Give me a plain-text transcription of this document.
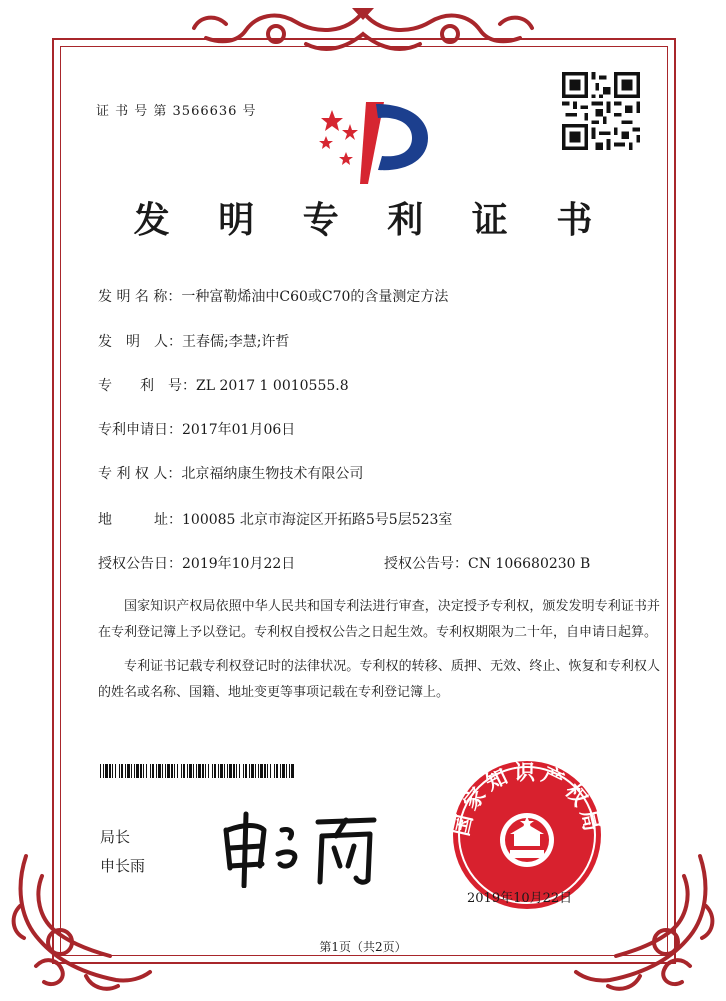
证 书 号 第 3566636 号
发 明 专 利 证 书
发 明 名 称：一种富勒烯油中C60或C70的含量测定方法
发　明　人：王春儒;李慧;许哲
专　　利　号：ZL 2017 1 0010555.8
专利申请日：2017年01月06日
专 利 权 人：北京福纳康生物技术有限公司
地　　　址：100085 北京市海淀区开拓路5号5层523室
授权公告日：2019年10月22日	授权公告号：CN 106680230 B
国家知识产权局依照中华人民共和国专利法进行审查，决定授予专利权，颁发发明专利证书并在专利登记簿上予以登记。专利权自授权公告之日起生效。专利权期限为二十年，自申请日起算。
专利证书记载专利权登记时的法律状况。专利权的转移、质押、无效、终止、恢复和专利权人的姓名或名称、国籍、地址变更等事项记载在专利登记簿上。
局长
申长雨
国家知识产权局
2019年10月22日
第1页（共2页）
